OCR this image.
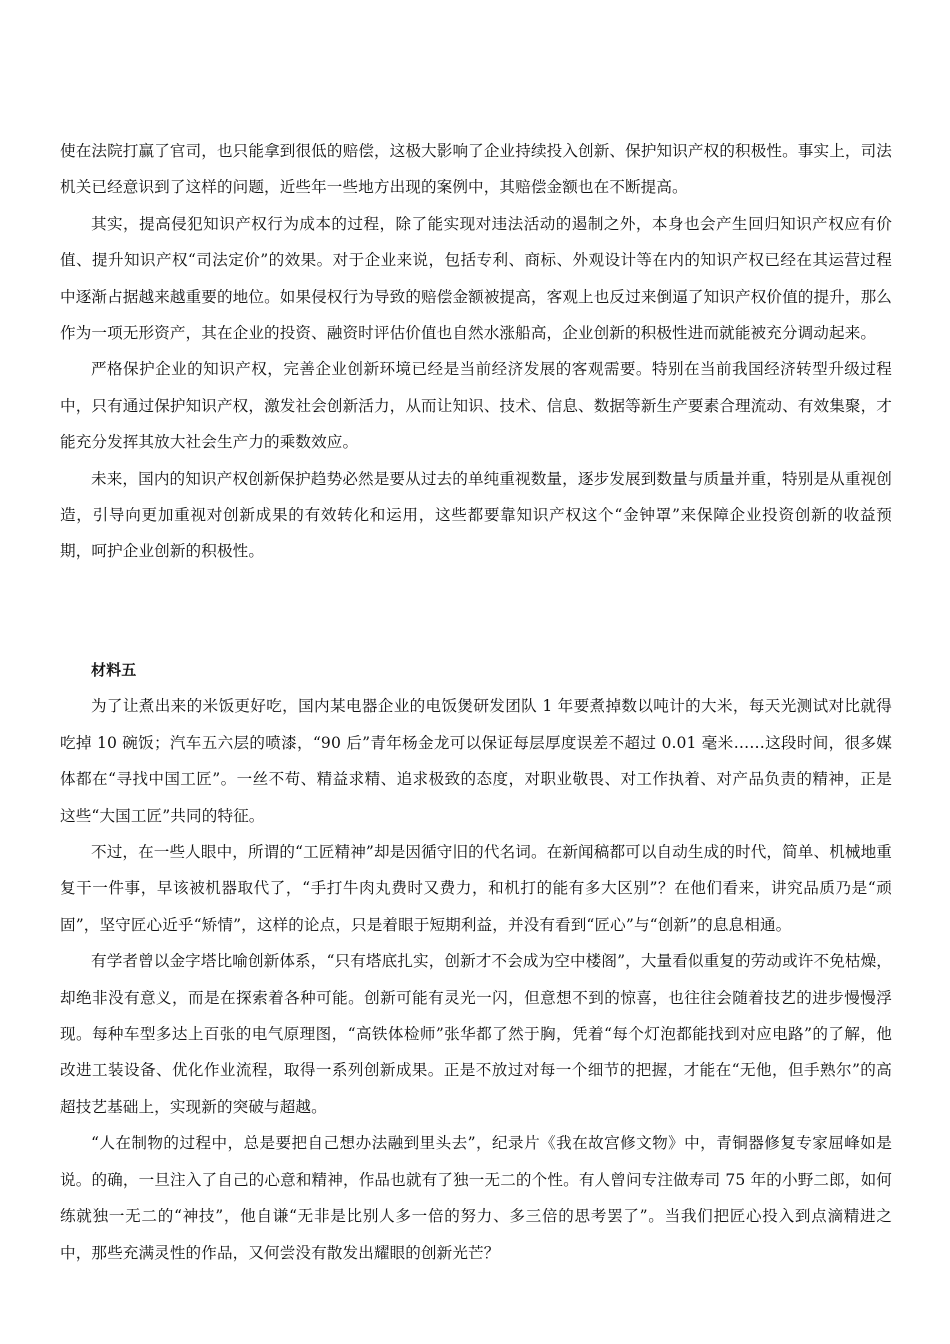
使在法院打赢了官司，也只能拿到很低的赔偿，这极大影响了企业持续投入创新、保护知识产权的积极性。事实上，司法机关已经意识到了这样的问题，近些年一些地方出现的案例中，其赔偿金额也在不断提高。

其实，提高侵犯知识产权行为成本的过程，除了能实现对违法活动的遏制之外，本身也会产生回归知识产权应有价值、提升知识产权“司法定价”的效果。对于企业来说，包括专利、商标、外观设计等在内的知识产权已经在其运营过程中逐渐占据越来越重要的地位。如果侵权行为导致的赔偿金额被提高，客观上也反过来倒逼了知识产权价值的提升，那么作为一项无形资产，其在企业的投资、融资时评估价值也自然水涨船高，企业创新的积极性进而就能被充分调动起来。

严格保护企业的知识产权，完善企业创新环境已经是当前经济发展的客观需要。特别在当前我国经济转型升级过程中，只有通过保护知识产权，激发社会创新活力，从而让知识、技术、信息、数据等新生产要素合理流动、有效集聚，才能充分发挥其放大社会生产力的乘数效应。

未来，国内的知识产权创新保护趋势必然是要从过去的单纯重视数量，逐步发展到数量与质量并重，特别是从重视创造，引导向更加重视对创新成果的有效转化和运用，这些都要靠知识产权这个“金钟罩”来保障企业投资创新的收益预期，呵护企业创新的积极性。

材料五

为了让煮出来的米饭更好吃，国内某电器企业的电饭煲研发团队 1 年要煮掉数以吨计的大米，每天光测试对比就得吃掉 10 碗饭；汽车五六层的喷漆，“90 后”青年杨金龙可以保证每层厚度误差不超过 0.01 毫米……这段时间，很多媒体都在“寻找中国工匠”。一丝不苟、精益求精、追求极致的态度，对职业敬畏、对工作执着、对产品负责的精神，正是这些“大国工匠”共同的特征。

不过，在一些人眼中，所谓的“工匠精神”却是因循守旧的代名词。在新闻稿都可以自动生成的时代，简单、机械地重复干一件事，早该被机器取代了，“手打牛肉丸费时又费力，和机打的能有多大区别”？在他们看来，讲究品质乃是“顽固”，坚守匠心近乎“矫情”，这样的论点，只是着眼于短期利益，并没有看到“匠心”与“创新”的息息相通。

有学者曾以金字塔比喻创新体系，“只有塔底扎实，创新才不会成为空中楼阁”，大量看似重复的劳动或许不免枯燥，却绝非没有意义，而是在探索着各种可能。创新可能有灵光一闪，但意想不到的惊喜，也往往会随着技艺的进步慢慢浮现。每种车型多达上百张的电气原理图，“高铁体检师”张华都了然于胸，凭着“每个灯泡都能找到对应电路”的了解，他改进工装设备、优化作业流程，取得一系列创新成果。正是不放过对每一个细节的把握，才能在“无他，但手熟尔”的高超技艺基础上，实现新的突破与超越。

“人在制物的过程中，总是要把自己想办法融到里头去”，纪录片《我在故宫修文物》中，青铜器修复专家屈峰如是说。的确，一旦注入了自己的心意和精神，作品也就有了独一无二的个性。有人曾问专注做寿司 75 年的小野二郎，如何练就独一无二的“神技”，他自谦“无非是比别人多一倍的努力、多三倍的思考罢了”。当我们把匠心投入到点滴精进之中，那些充满灵性的作品，又何尝没有散发出耀眼的创新光芒？
